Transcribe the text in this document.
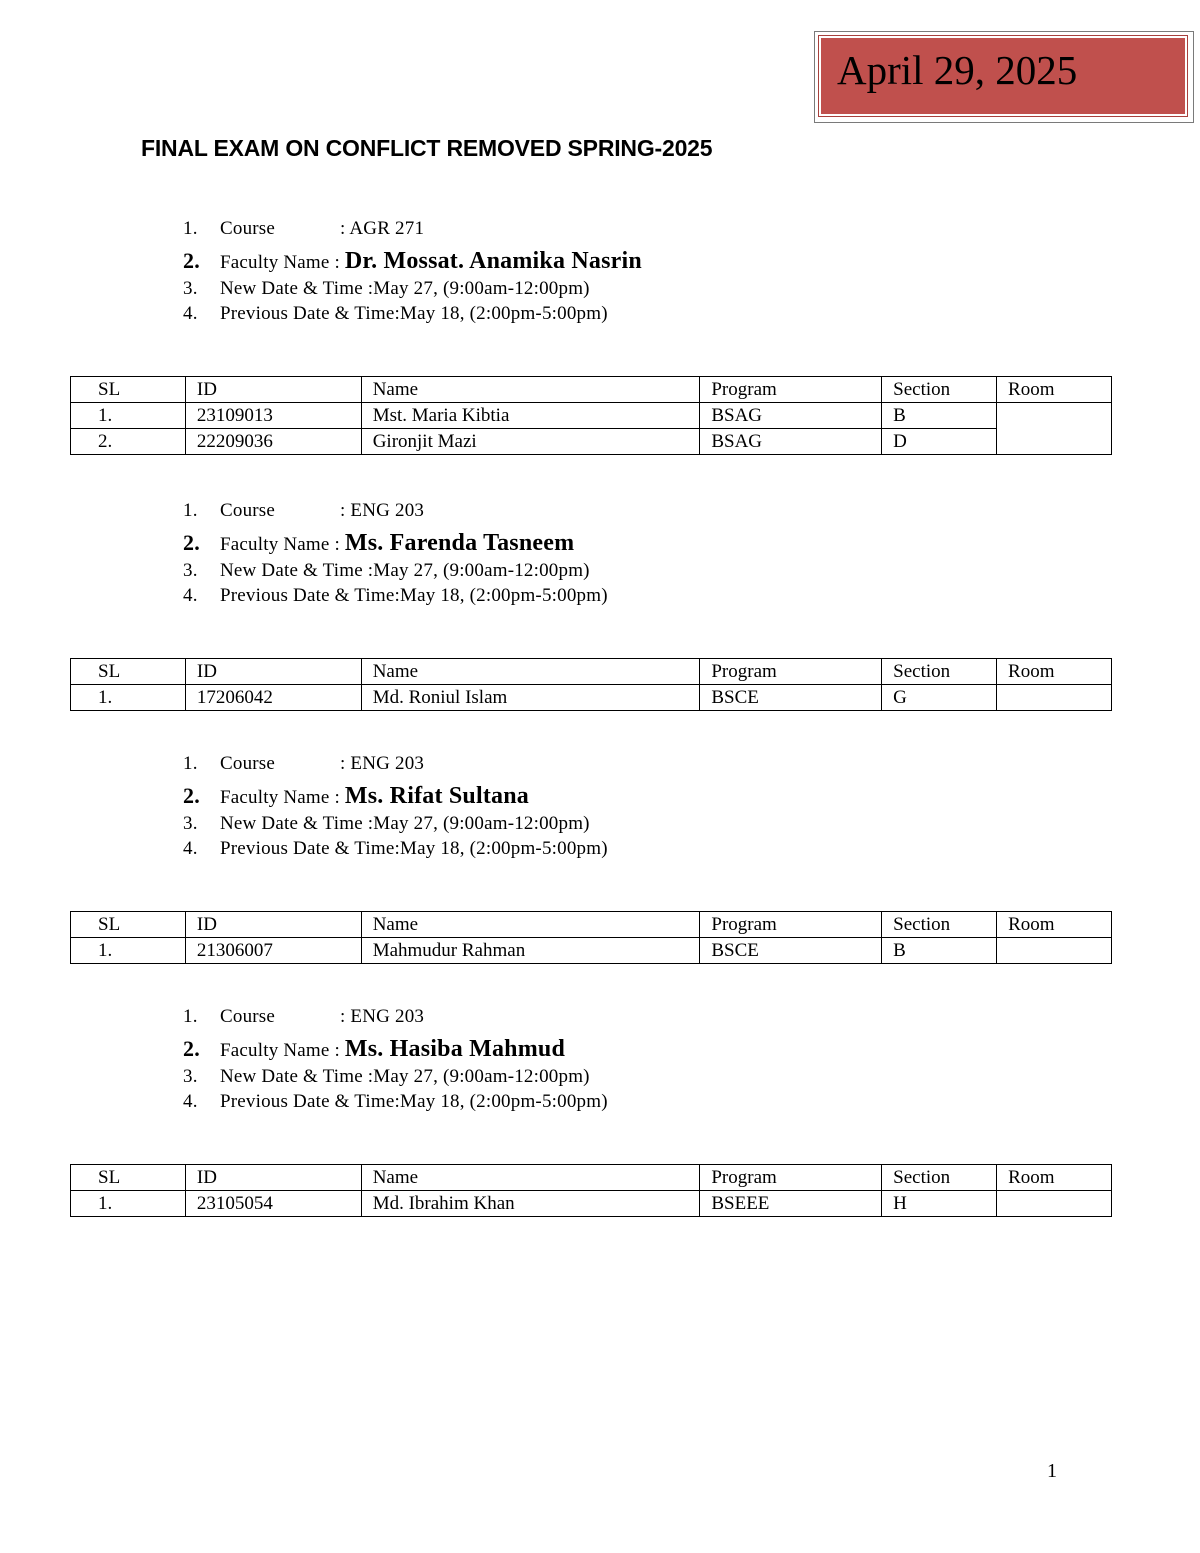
April 29, 2025
FINAL EXAM ON CONFLICT REMOVED SPRING-2025
1. Course	: AGR 271
2. Faculty Name : Dr. Mossat. Anamika Nasrin
3. New Date & Time :May 27, (9:00am-12:00pm)
4. Previous Date & Time:May 18, (2:00pm-5:00pm)
SL	ID	Name	Program	Section	Room
1.	23109013	Mst. Maria Kibtia	BSAG	B	
2.	22209036	Gironjit Mazi	BSAG	D	
1. Course	: ENG 203
2. Faculty Name : Ms. Farenda Tasneem
3. New Date & Time :May 27, (9:00am-12:00pm)
4. Previous Date & Time:May 18, (2:00pm-5:00pm)
SL	ID	Name	Program	Section	Room
1.	17206042	Md. Roniul Islam	BSCE	G	
1. Course	: ENG 203
2. Faculty Name : Ms. Rifat Sultana
3. New Date & Time :May 27, (9:00am-12:00pm)
4. Previous Date & Time:May 18, (2:00pm-5:00pm)
SL	ID	Name	Program	Section	Room
1.	21306007	Mahmudur Rahman	BSCE	B	
1. Course	: ENG 203
2. Faculty Name : Ms. Hasiba Mahmud
3. New Date & Time :May 27, (9:00am-12:00pm)
4. Previous Date & Time:May 18, (2:00pm-5:00pm)
SL	ID	Name	Program	Section	Room
1.	23105054	Md. Ibrahim Khan	BSEEE	H	
1
